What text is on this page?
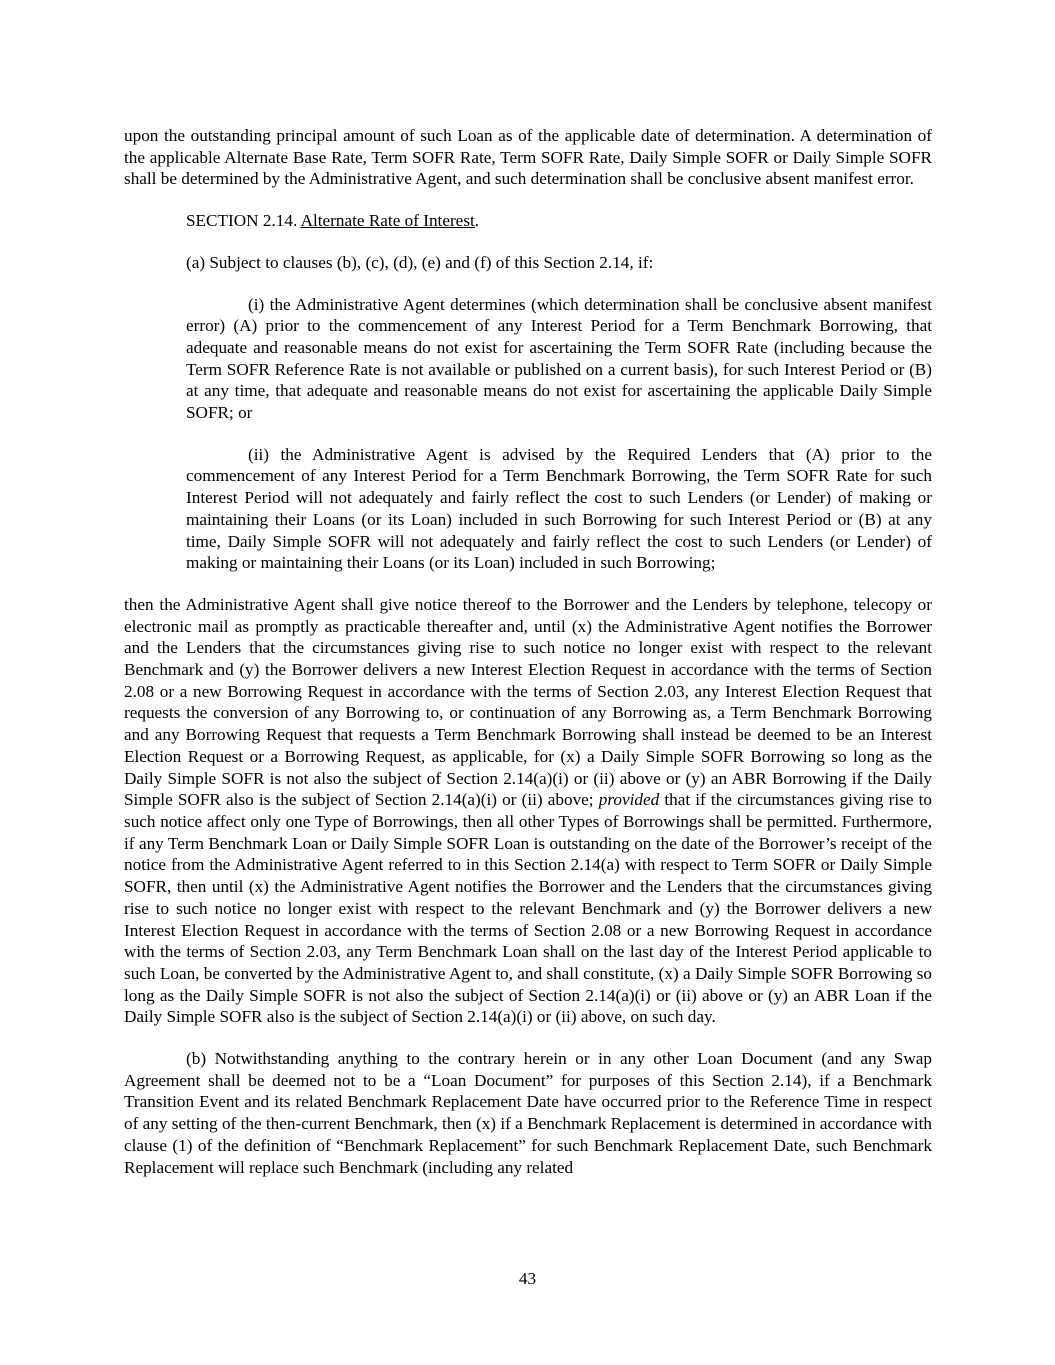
upon the outstanding principal amount of such Loan as of the applicable date of determination. A determination of the applicable Alternate Base Rate, Term SOFR Rate, Term SOFR Rate, Daily Simple SOFR or Daily Simple SOFR shall be determined by the Administrative Agent, and such determination shall be conclusive absent manifest error.

SECTION 2.14. Alternate Rate of Interest.

(a) Subject to clauses (b), (c), (d), (e) and (f) of this Section 2.14, if:

(i) the Administrative Agent determines (which determination shall be conclusive absent manifest error) (A) prior to the commencement of any Interest Period for a Term Benchmark Borrowing, that adequate and reasonable means do not exist for ascertaining the Term SOFR Rate (including because the Term SOFR Reference Rate is not available or published on a current basis), for such Interest Period or (B) at any time, that adequate and reasonable means do not exist for ascertaining the applicable Daily Simple SOFR; or

(ii) the Administrative Agent is advised by the Required Lenders that (A) prior to the commencement of any Interest Period for a Term Benchmark Borrowing, the Term SOFR Rate for such Interest Period will not adequately and fairly reflect the cost to such Lenders (or Lender) of making or maintaining their Loans (or its Loan) included in such Borrowing for such Interest Period or (B) at any time, Daily Simple SOFR will not adequately and fairly reflect the cost to such Lenders (or Lender) of making or maintaining their Loans (or its Loan) included in such Borrowing;

then the Administrative Agent shall give notice thereof to the Borrower and the Lenders by telephone, telecopy or electronic mail as promptly as practicable thereafter and, until (x) the Administrative Agent notifies the Borrower and the Lenders that the circumstances giving rise to such notice no longer exist with respect to the relevant Benchmark and (y) the Borrower delivers a new Interest Election Request in accordance with the terms of Section 2.08 or a new Borrowing Request in accordance with the terms of Section 2.03, any Interest Election Request that requests the conversion of any Borrowing to, or continuation of any Borrowing as, a Term Benchmark Borrowing and any Borrowing Request that requests a Term Benchmark Borrowing shall instead be deemed to be an Interest Election Request or a Borrowing Request, as applicable, for (x) a Daily Simple SOFR Borrowing so long as the Daily Simple SOFR is not also the subject of Section 2.14(a)(i) or (ii) above or (y) an ABR Borrowing if the Daily Simple SOFR also is the subject of Section 2.14(a)(i) or (ii) above; provided that if the circumstances giving rise to such notice affect only one Type of Borrowings, then all other Types of Borrowings shall be permitted. Furthermore, if any Term Benchmark Loan or Daily Simple SOFR Loan is outstanding on the date of the Borrower’s receipt of the notice from the Administrative Agent referred to in this Section 2.14(a) with respect to Term SOFR or Daily Simple SOFR, then until (x) the Administrative Agent notifies the Borrower and the Lenders that the circumstances giving rise to such notice no longer exist with respect to the relevant Benchmark and (y) the Borrower delivers a new Interest Election Request in accordance with the terms of Section 2.08 or a new Borrowing Request in accordance with the terms of Section 2.03, any Term Benchmark Loan shall on the last day of the Interest Period applicable to such Loan, be converted by the Administrative Agent to, and shall constitute, (x) a Daily Simple SOFR Borrowing so long as the Daily Simple SOFR is not also the subject of Section 2.14(a)(i) or (ii) above or (y) an ABR Loan if the Daily Simple SOFR also is the subject of Section 2.14(a)(i) or (ii) above, on such day.

(b) Notwithstanding anything to the contrary herein or in any other Loan Document (and any Swap Agreement shall be deemed not to be a “Loan Document” for purposes of this Section 2.14), if a Benchmark Transition Event and its related Benchmark Replacement Date have occurred prior to the Reference Time in respect of any setting of the then-current Benchmark, then (x) if a Benchmark Replacement is determined in accordance with clause (1) of the definition of “Benchmark Replacement” for such Benchmark Replacement Date, such Benchmark Replacement will replace such Benchmark (including any related

43
